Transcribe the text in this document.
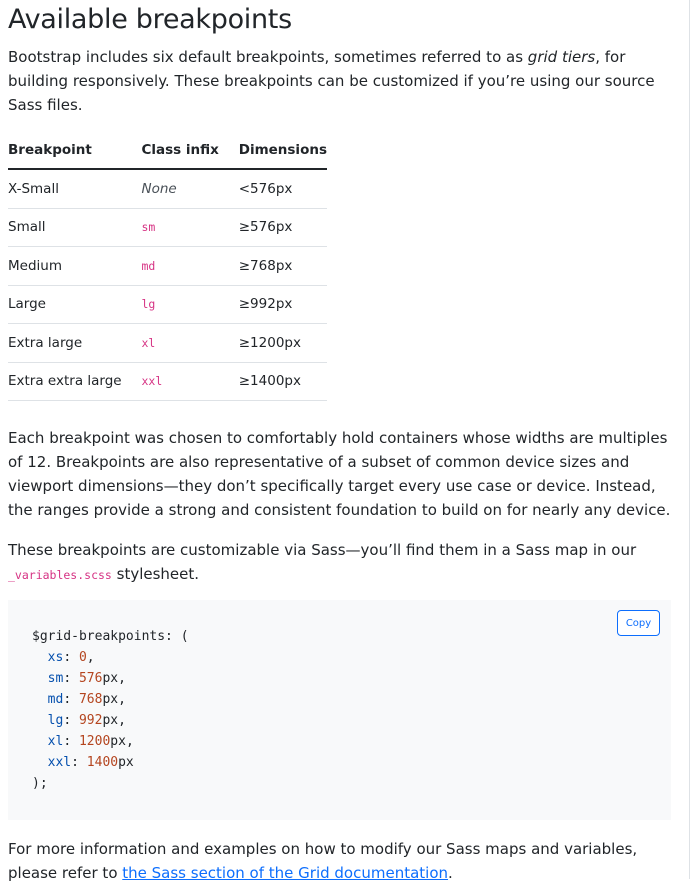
Available breakpoints

Bootstrap includes six default breakpoints, sometimes referred to as grid tiers, for building responsively. These breakpoints can be customized if you’re using our source Sass files.

Breakpoint	Class infix	Dimensions
X-Small	None	<576px
Small	sm	≥576px
Medium	md	≥768px
Large	lg	≥992px
Extra large	xl	≥1200px
Extra extra large	xxl	≥1400px

Each breakpoint was chosen to comfortably hold containers whose widths are multiples of 12. Breakpoints are also representative of a subset of common device sizes and viewport dimensions—they don’t specifically target every use case or device. Instead, the ranges provide a strong and consistent foundation to build on for nearly any device.

These breakpoints are customizable via Sass—you’ll find them in a Sass map in our _variables.scss stylesheet.

Copy
$grid-breakpoints: (
xs: 0,
sm: 576px,
md: 768px,
lg: 992px,
xl: 1200px,
xxl: 1400px
);

For more information and examples on how to modify our Sass maps and variables, please refer to the Sass section of the Grid documentation.
